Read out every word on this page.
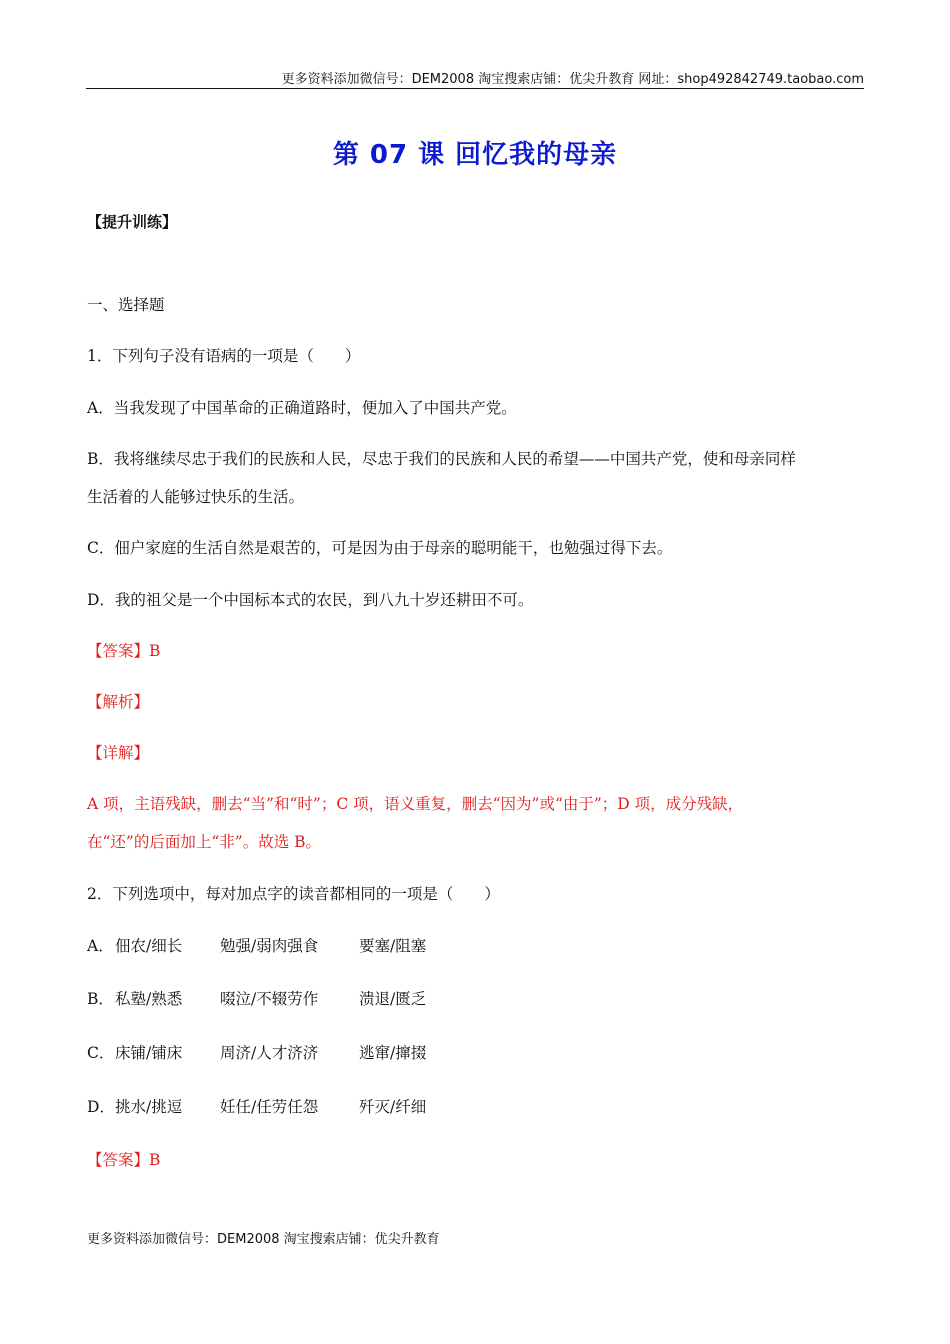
更多资料添加微信号：DEM2008 淘宝搜索店铺：优尖升教育 网址：shop492842749.taobao.com
第 07 课 回忆我的母亲
【提升训练】
一、选择题
1．下列句子没有语病的一项是（　　）
A．当我发现了中国革命的正确道路时，便加入了中国共产党。
B．我将继续尽忠于我们的民族和人民，尽忠于我们的民族和人民的希望——中国共产党，使和母亲同样
生活着的人能够过快乐的生活。
C．佃户家庭的生活自然是艰苦的，可是因为由于母亲的聪明能干，也勉强过得下去。
D．我的祖父是一个中国标本式的农民，到八九十岁还耕田不可。
【答案】B
【解析】
【详解】
A 项，主语残缺，删去“当”和“时”；C 项，语义重复，删去“因为”或“由于”；D 项，成分残缺，
在“还”的后面加上“非”。故选 B。
2．下列选项中，每对加点字的读音都相同的一项是（　　）
A． 佃农/细长 勉强/弱肉强食	要塞/阻塞
B． 私塾/熟悉 啜泣/不辍劳作	溃退/匮乏
C． 床铺/铺床 周济/人才济济	逃窜/撺掇
D． 挑水/挑逗 妊任/任劳任怨	歼灭/纤细
【答案】B
更多资料添加微信号：DEM2008 淘宝搜索店铺：优尖升教育
